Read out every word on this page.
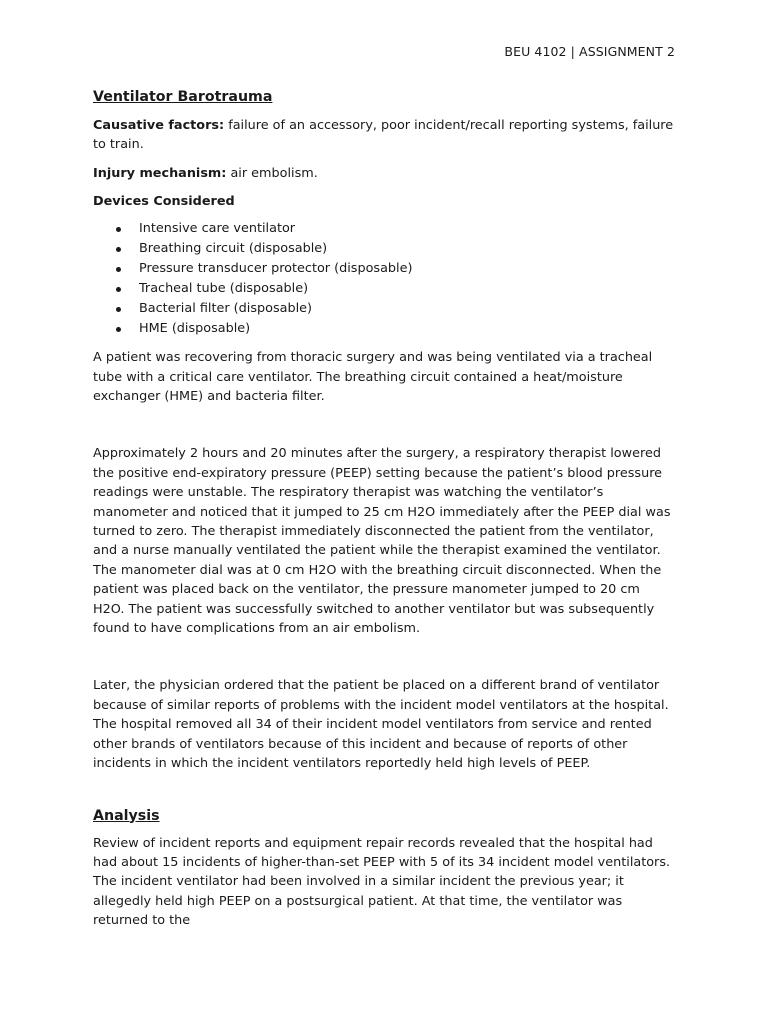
BEU 4102 | ASSIGNMENT 2
Ventilator Barotrauma

Causative factors: failure of an accessory, poor incident/recall reporting systems, failure to train.

Injury mechanism: air embolism.

Devices Considered
Intensive care ventilator
Breathing circuit (disposable)
Pressure transducer protector (disposable)
Tracheal tube (disposable)
Bacterial filter (disposable)
HME (disposable)

A patient was recovering from thoracic surgery and was being ventilated via a tracheal tube with a critical care ventilator. The breathing circuit contained a heat/moisture exchanger (HME) and bacteria filter.

Approximately 2 hours and 20 minutes after the surgery, a respiratory therapist lowered the positive end-expiratory pressure (PEEP) setting because the patient’s blood pressure readings were unstable. The respiratory therapist was watching the ventilator’s manometer and noticed that it jumped to 25 cm H2O immediately after the PEEP dial was turned to zero. The therapist immediately disconnected the patient from the ventilator, and a nurse manually ventilated the patient while the therapist examined the ventilator. The manometer dial was at 0 cm H2O with the breathing circuit disconnected. When the patient was placed back on the ventilator, the pressure manometer jumped to 20 cm H2O. The patient was successfully switched to another ventilator but was subsequently found to have complications from an air embolism.

Later, the physician ordered that the patient be placed on a different brand of ventilator because of similar reports of problems with the incident model ventilators at the hospital. The hospital removed all 34 of their incident model ventilators from service and rented other brands of ventilators because of this incident and because of reports of other incidents in which the incident ventilators reportedly held high levels of PEEP.

Analysis

Review of incident reports and equipment repair records revealed that the hospital had had about 15 incidents of higher-than-set PEEP with 5 of its 34 incident model ventilators. The incident ventilator had been involved in a similar incident the previous year; it allegedly held high PEEP on a postsurgical patient. At that time, the ventilator was returned to the
